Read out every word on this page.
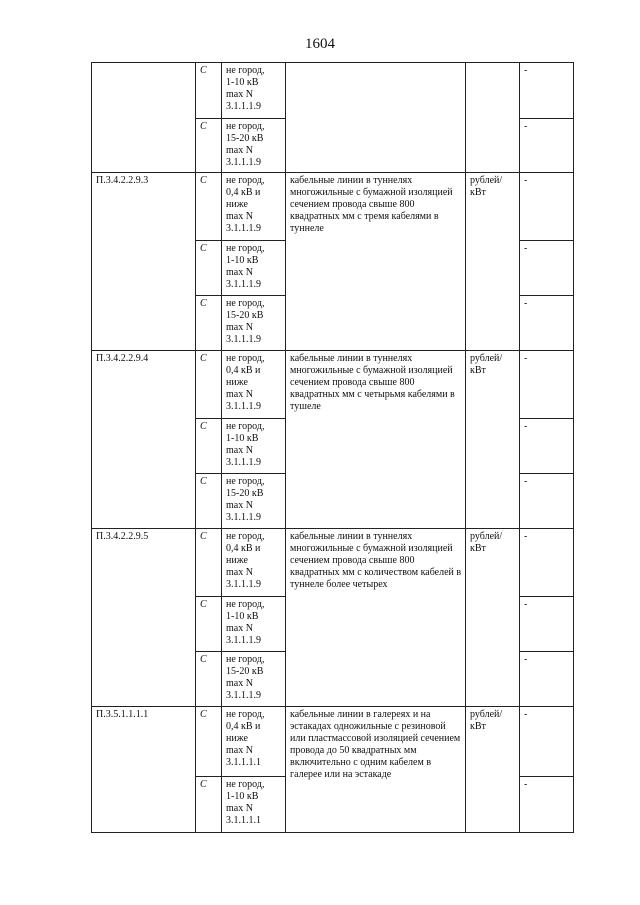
1604
	С	не город,
1-10 кВ
max N
3.1.1.1.9			-
	С	не город,
15-20 кВ
max N
3.1.1.1.9			-
П.3.4.2.2.9.3	С	не город,
0,4 кВ и
ниже
max N
3.1.1.1.9	кабельные линии в туннелях многожильные с бумажной изоляцией сечением провода свыше 800 квадратных мм с тремя кабелями в туннеле	рублей/ кВт	-
	С	не город,
1-10 кВ
max N
3.1.1.1.9			-
	С	не город,
15-20 кВ
max N
3.1.1.1.9			-
П.3.4.2.2.9.4	С	не город,
0,4 кВ и
ниже
max N
3.1.1.1.9	кабельные линии в туннелях многожильные с бумажной изоляцией сечением провода свыше 800 квадратных мм с четырьмя кабелями в тушеле	рублей/ кВт	-
	С	не город,
1-10 кВ
max N
3.1.1.1.9			-
	С	не город,
15-20 кВ
max N
3.1.1.1.9			-
П.3.4.2.2.9.5	С	не город,
0,4 кВ и
ниже
max N
3.1.1.1.9	кабельные линии в туннелях многожильные с бумажной изоляцией сечением провода свыше 800 квадратных мм с количеством кабелей в туннеле более четырех	рублей/ кВт	-
	С	не город,
1-10 кВ
max N
3.1.1.1.9			-
	С	не город,
15-20 кВ
max N
3.1.1.1.9			-
П.3.5.1.1.1.1	С	не город,
0,4 кВ и
ниже
max N
3.1.1.1.1	кабельные линии в галереях и на эстакадах одножильные с резиновой или пластмассовой изоляцией сечением провода до 50 квадратных мм включительно с одним кабелем в галерее или на эстакаде	рублей/ кВт	-
	С	не город,
1-10 кВ
max N
3.1.1.1.1			-
